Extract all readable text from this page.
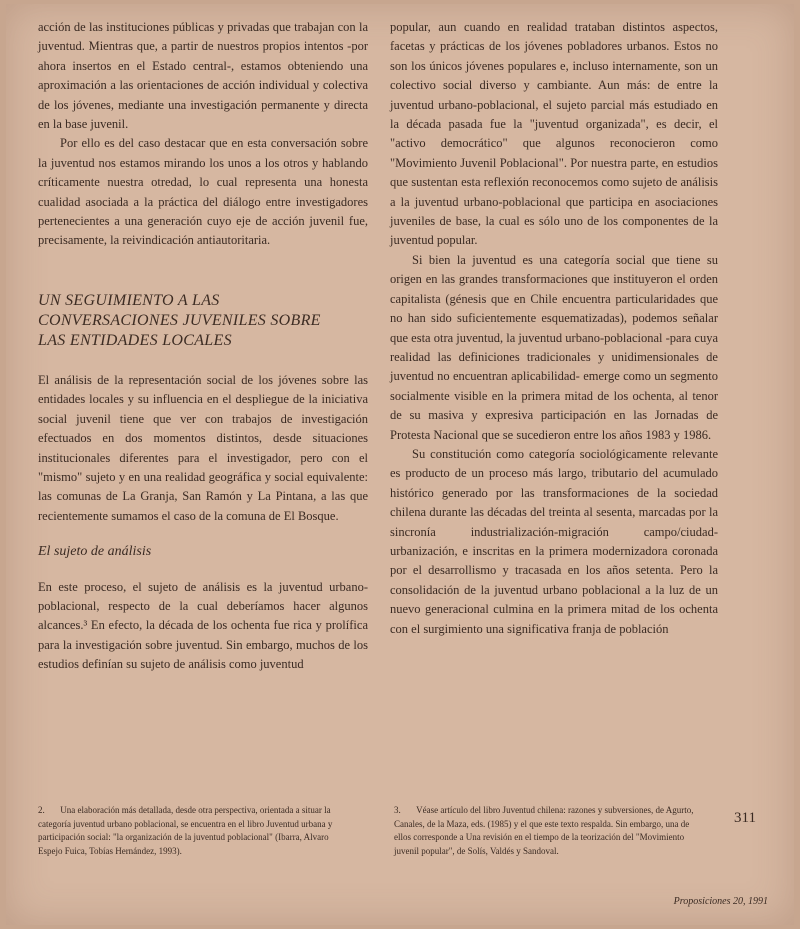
acción de las instituciones públicas y privadas que trabajan con la juventud. Mientras que, a partir de nuestros propios intentos -por ahora insertos en el Estado central-, estamos obteniendo una aproximación a las orientaciones de acción individual y colectiva de los jóvenes, mediante una investigación permanente y directa en la base juvenil.

Por ello es del caso destacar que en esta conversación sobre la juventud nos estamos mirando los unos a los otros y hablando críticamente nuestra otredad, lo cual representa una honesta cualidad asociada a la práctica del diálogo entre investigadores pertenecientes a una generación cuyo eje de acción juvenil fue, precisamente, la reivindicación antiautoritaria.

UN SEGUIMIENTO A LAS
CONVERSACIONES JUVENILES SOBRE
LAS ENTIDADES LOCALES

El análisis de la representación social de los jóvenes sobre las entidades locales y su influencia en el despliegue de la iniciativa social juvenil tiene que ver con trabajos de investigación efectuados en dos momentos distintos, desde situaciones institucionales diferentes para el investigador, pero con el "mismo" sujeto y en una realidad geográfica y social equivalente: las comunas de La Granja, San Ramón y La Pintana, a las que recientemente sumamos el caso de la comuna de El Bosque.

El sujeto de análisis

En este proceso, el sujeto de análisis es la juventud urbano-poblacional, respecto de la cual deberíamos hacer algunos alcances.³ En efecto, la década de los ochenta fue rica y prolífica para la investigación sobre juventud. Sin embargo, muchos de los estudios definían su sujeto de análisis como juventud

popular, aun cuando en realidad trataban distintos aspectos, facetas y prácticas de los jóvenes pobladores urbanos. Estos no son los únicos jóvenes populares e, incluso internamente, son un colectivo social diverso y cambiante. Aun más: de entre la juventud urbano-poblacional, el sujeto parcial más estudiado en la década pasada fue la "juventud organizada", es decir, el "activo democrático" que algunos reconocieron como "Movimiento Juvenil Poblacional". Por nuestra parte, en estudios que sustentan esta reflexión reconocemos como sujeto de análisis a la juventud urbano-poblacional que participa en asociaciones juveniles de base, la cual es sólo uno de los componentes de la juventud popular.

Si bien la juventud es una categoría social que tiene su origen en las grandes transformaciones que instituyeron el orden capitalista (génesis que en Chile encuentra particularidades que no han sido suficientemente esquematizadas), podemos señalar que esta otra juventud, la juventud urbano-poblacional -para cuya realidad las definiciones tradicionales y unidimensionales de juventud no encuentran aplicabilidad- emerge como un segmento socialmente visible en la primera mitad de los ochenta, al tenor de su masiva y expresiva participación en las Jornadas de Protesta Nacional que se sucedieron entre los años 1983 y 1986.

Su constitución como categoría sociológicamente relevante es producto de un proceso más largo, tributario del acumulado histórico generado por las transformaciones de la sociedad chilena durante las décadas del treinta al sesenta, marcadas por la sincronía industrialización-migración campo/ciudad-urbanización, e inscritas en la primera modernizadora coronada por el desarrollismo y tracasada en los años setenta. Pero la consolidación de la juventud urbano poblacional a la luz de un nuevo generacional culmina en la primera mitad de los ochenta con el surgimiento una significativa franja de población

2. Una elaboración más detallada, desde otra perspectiva, orientada a situar la categoría juventud urbano poblacional, se encuentra en el libro Juventud urbana y participación social: "la organización de la juventud poblacional" (Ibarra, Alvaro Espejo Fuica, Tobías Hernández, 1993).
3. Véase artículo del libro Juventud chilena: razones y subversiones, de Agurto, Canales, de la Maza, eds. (1985) y el que este texto respalda. Sin embargo, una de ellos corresponde a Una revisión en el tiempo de la teorización del "Movimiento juvenil popular", de Solís, Valdés y Sandoval.
311
Proposiciones 20, 1991
